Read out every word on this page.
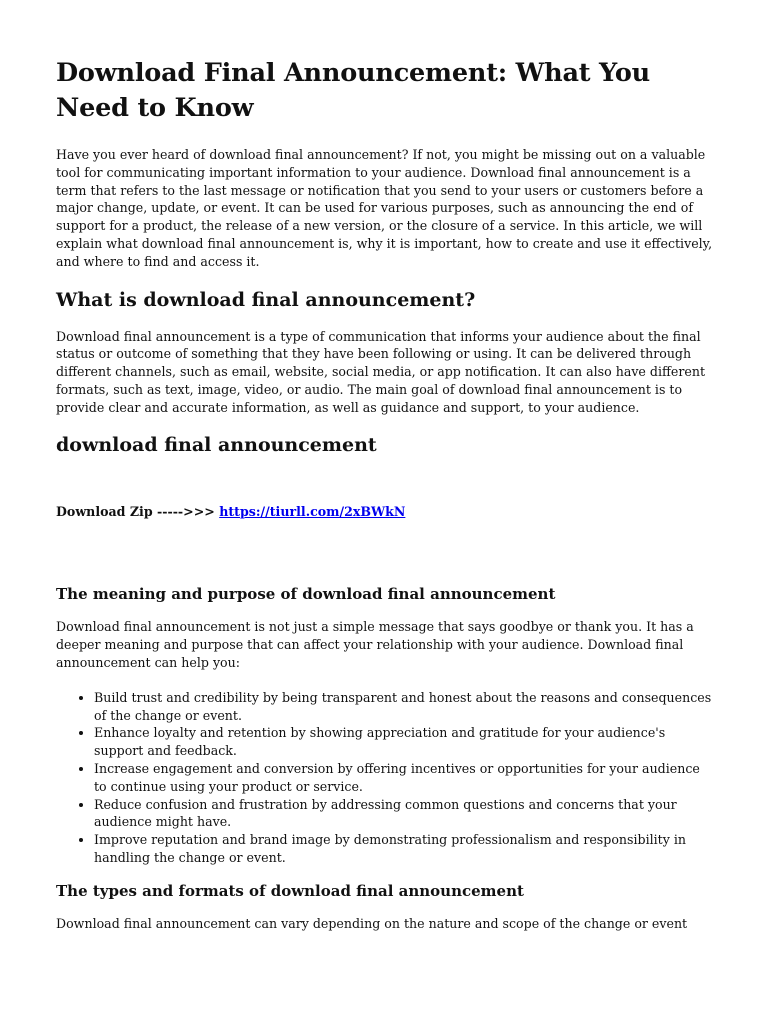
Download Final Announcement: What You Need to Know

Have you ever heard of download final announcement? If not, you might be missing out on a valuable tool for communicating important information to your audience. Download final announcement is a term that refers to the last message or notification that you send to your users or customers before a major change, update, or event. It can be used for various purposes, such as announcing the end of support for a product, the release of a new version, or the closure of a service. In this article, we will explain what download final announcement is, why it is important, how to create and use it effectively, and where to find and access it.

What is download final announcement?

Download final announcement is a type of communication that informs your audience about the final status or outcome of something that they have been following or using. It can be delivered through different channels, such as email, website, social media, or app notification. It can also have different formats, such as text, image, video, or audio. The main goal of download final announcement is to provide clear and accurate information, as well as guidance and support, to your audience.

download final announcement

Download Zip ----->>> https://tiurll.com/2xBWkN

The meaning and purpose of download final announcement

Download final announcement is not just a simple message that says goodbye or thank you. It has a deeper meaning and purpose that can affect your relationship with your audience. Download final announcement can help you:

• Build trust and credibility by being transparent and honest about the reasons and consequences of the change or event.
• Enhance loyalty and retention by showing appreciation and gratitude for your audience's support and feedback.
• Increase engagement and conversion by offering incentives or opportunities for your audience to continue using your product or service.
• Reduce confusion and frustration by addressing common questions and concerns that your audience might have.
• Improve reputation and brand image by demonstrating professionalism and responsibility in handling the change or event.
The types and formats of download final announcement

Download final announcement can vary depending on the nature and scope of the change or event
